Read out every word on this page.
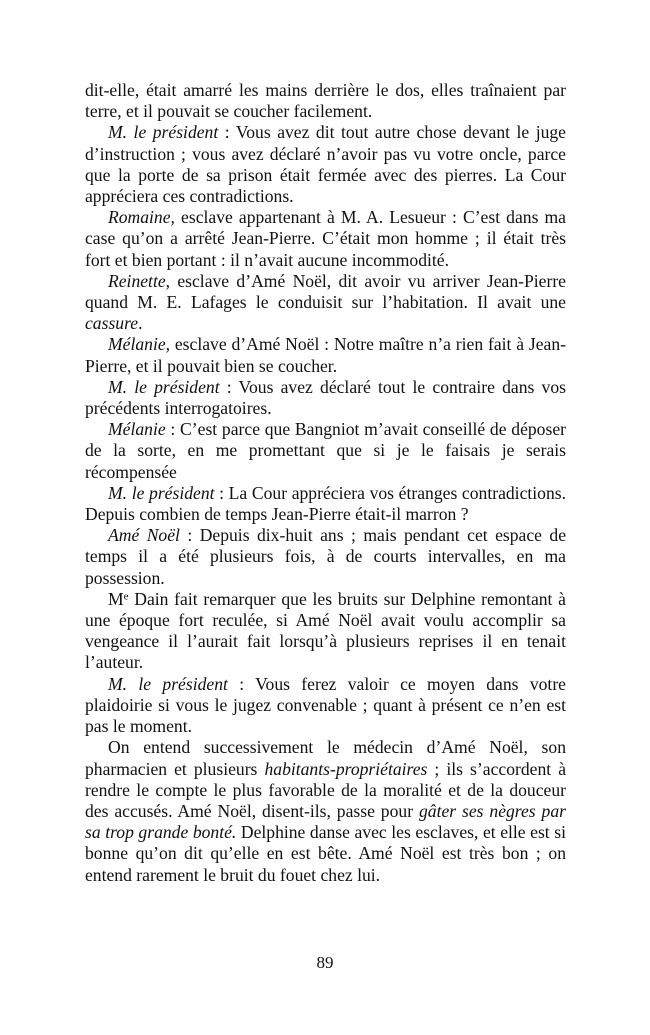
dit-elle, était amarré les mains derrière le dos, elles traînaient par terre, et il pouvait se coucher facilement.

M. le président : Vous avez dit tout autre chose devant le juge d’instruction ; vous avez déclaré n’avoir pas vu votre oncle, parce que la porte de sa prison était fermée avec des pierres. La Cour appréciera ces contradictions.

Romaine, esclave appartenant à M. A. Lesueur : C’est dans ma case qu’on a arrêté Jean-Pierre. C’était mon homme ; il était très fort et bien portant : il n’avait aucune incommodité.

Reinette, esclave d’Amé Noël, dit avoir vu arriver Jean-Pierre quand M. E. Lafages le conduisit sur l’habitation. Il avait une cassure.

Mélanie, esclave d’Amé Noël : Notre maître n’a rien fait à Jean-Pierre, et il pouvait bien se coucher.

M. le président : Vous avez déclaré tout le contraire dans vos précédents interrogatoires.

Mélanie : C’est parce que Bangniot m’avait conseillé de déposer de la sorte, en me promettant que si je le faisais je serais récompensée

M. le président : La Cour appréciera vos étranges contradictions. Depuis combien de temps Jean-Pierre était-il marron ?

Amé Noël : Depuis dix-huit ans ; mais pendant cet espace de temps il a été plusieurs fois, à de courts intervalles, en ma possession.

Me Dain fait remarquer que les bruits sur Delphine remontant à une époque fort reculée, si Amé Noël avait voulu accomplir sa vengeance il l’aurait fait lorsqu’à plusieurs reprises il en tenait l’auteur.

M. le président : Vous ferez valoir ce moyen dans votre plaidoirie si vous le jugez convenable ; quant à présent ce n’en est pas le moment.

On entend successivement le médecin d’Amé Noël, son pharmacien et plusieurs habitants-propriétaires ; ils s’accordent à rendre le compte le plus favorable de la moralité et de la douceur des accusés. Amé Noël, disent-ils, passe pour gâter ses nègres par sa trop grande bonté. Delphine danse avec les esclaves, et elle est si bonne qu’on dit qu’elle en est bête. Amé Noël est très bon ; on entend rarement le bruit du fouet chez lui.

89
